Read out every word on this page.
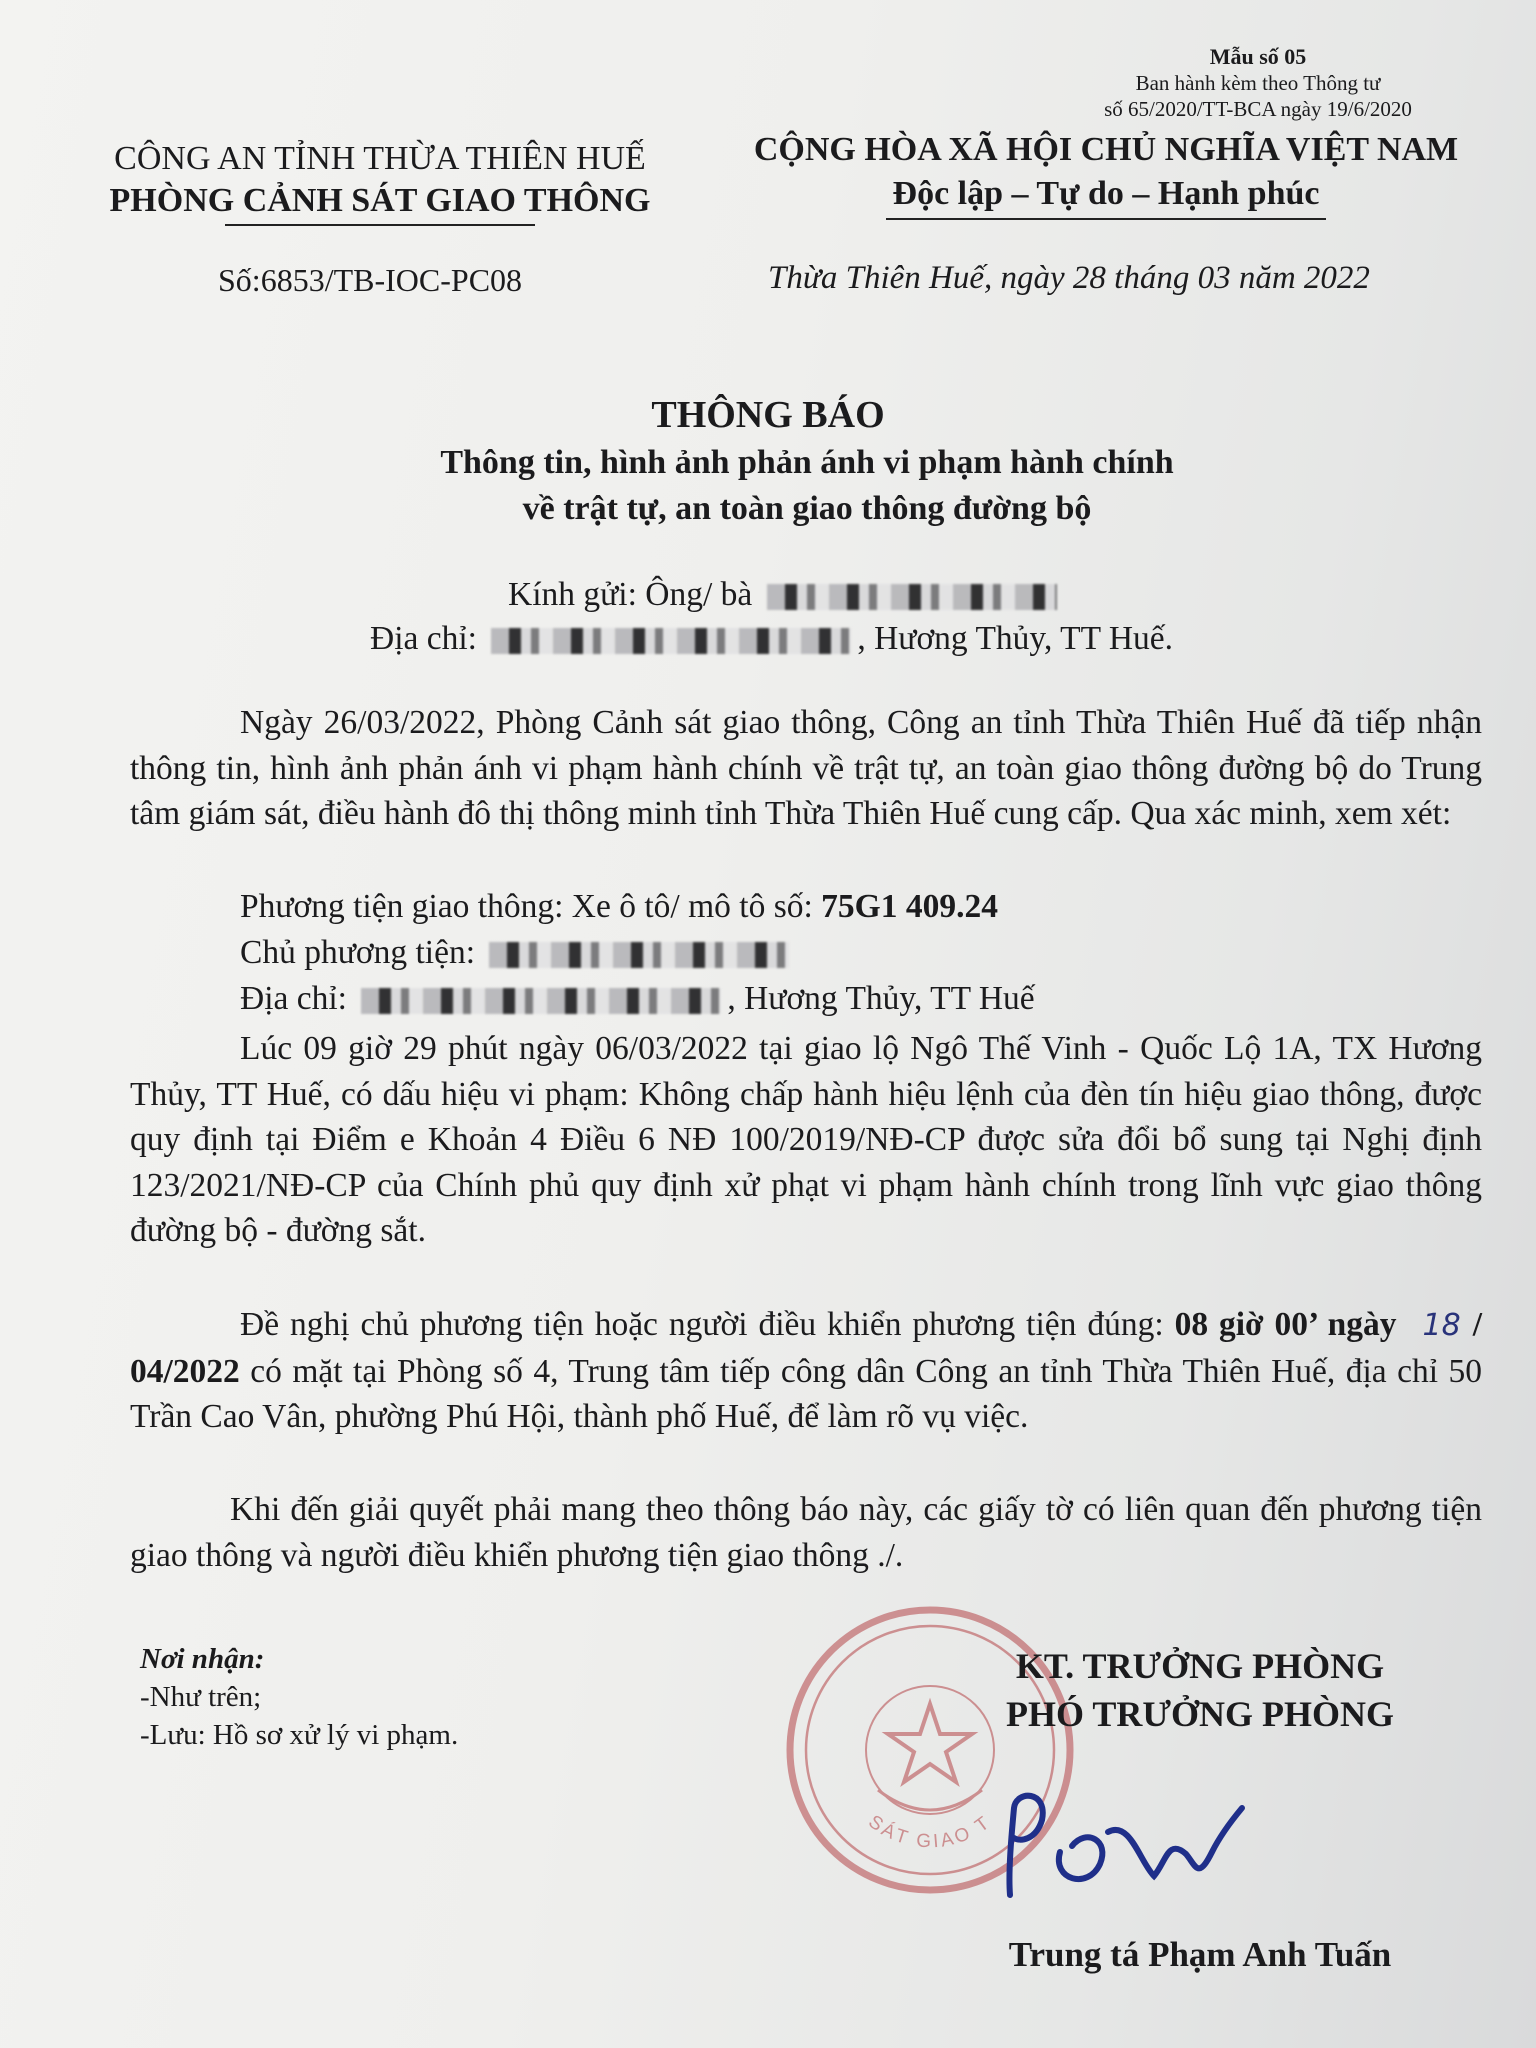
Mẫu số 05
Ban hành kèm theo Thông tư
số 65/2020/TT-BCA ngày 19/6/2020
CÔNG AN TỈNH THỪA THIÊN HUẾ
PHÒNG CẢNH SÁT GIAO THÔNG
CỘNG HÒA XÃ HỘI CHỦ NGHĨA VIỆT NAM
Độc lập – Tự do – Hạnh phúc
Số:6853/TB-IOC-PC08	Thừa Thiên Huế, ngày 28 tháng 03 năm 2022
THÔNG BÁO
Thông tin, hình ảnh phản ánh vi phạm hành chính
về trật tự, an toàn giao thông đường bộ
Kính gửi: Ông/ bà
Địa chỉ:	, Hương Thủy, TT Huế.
Ngày 26/03/2022, Phòng Cảnh sát giao thông, Công an tỉnh Thừa Thiên Huế đã tiếp nhận thông tin, hình ảnh phản ánh vi phạm hành chính về trật tự, an toàn giao thông đường bộ do Trung tâm giám sát, điều hành đô thị thông minh tỉnh Thừa Thiên Huế cung cấp. Qua xác minh, xem xét:
Phương tiện giao thông: Xe ô tô/ mô tô số: 75G1 409.24
Chủ phương tiện:
Địa chỉ:	, Hương Thủy, TT Huế
Lúc 09 giờ 29 phút ngày 06/03/2022 tại giao lộ Ngô Thế Vinh - Quốc Lộ 1A, TX Hương Thủy, TT Huế, có dấu hiệu vi phạm: Không chấp hành hiệu lệnh của đèn tín hiệu giao thông, được quy định tại Điểm e Khoản 4 Điều 6 NĐ 100/2019/NĐ-CP được sửa đổi bổ sung tại Nghị định 123/2021/NĐ-CP của Chính phủ quy định xử phạt vi phạm hành chính trong lĩnh vực giao thông đường bộ - đường sắt.
Đề nghị chủ phương tiện hoặc người điều khiển phương tiện đúng: 08 giờ 00’ ngày 18 / 04/2022 có mặt tại Phòng số 4, Trung tâm tiếp công dân Công an tỉnh Thừa Thiên Huế, địa chỉ 50 Trần Cao Vân, phường Phú Hội, thành phố Huế, để làm rõ vụ việc.
Khi đến giải quyết phải mang theo thông báo này, các giấy tờ có liên quan đến phương tiện giao thông và người điều khiển phương tiện giao thông ./.
Nơi nhận:
-Như trên;
-Lưu: Hồ sơ xử lý vi phạm.
SÁT GIAO T
KT. TRƯỞNG PHÒNG
PHÓ TRƯỞNG PHÒNG
Trung tá Phạm Anh Tuấn
